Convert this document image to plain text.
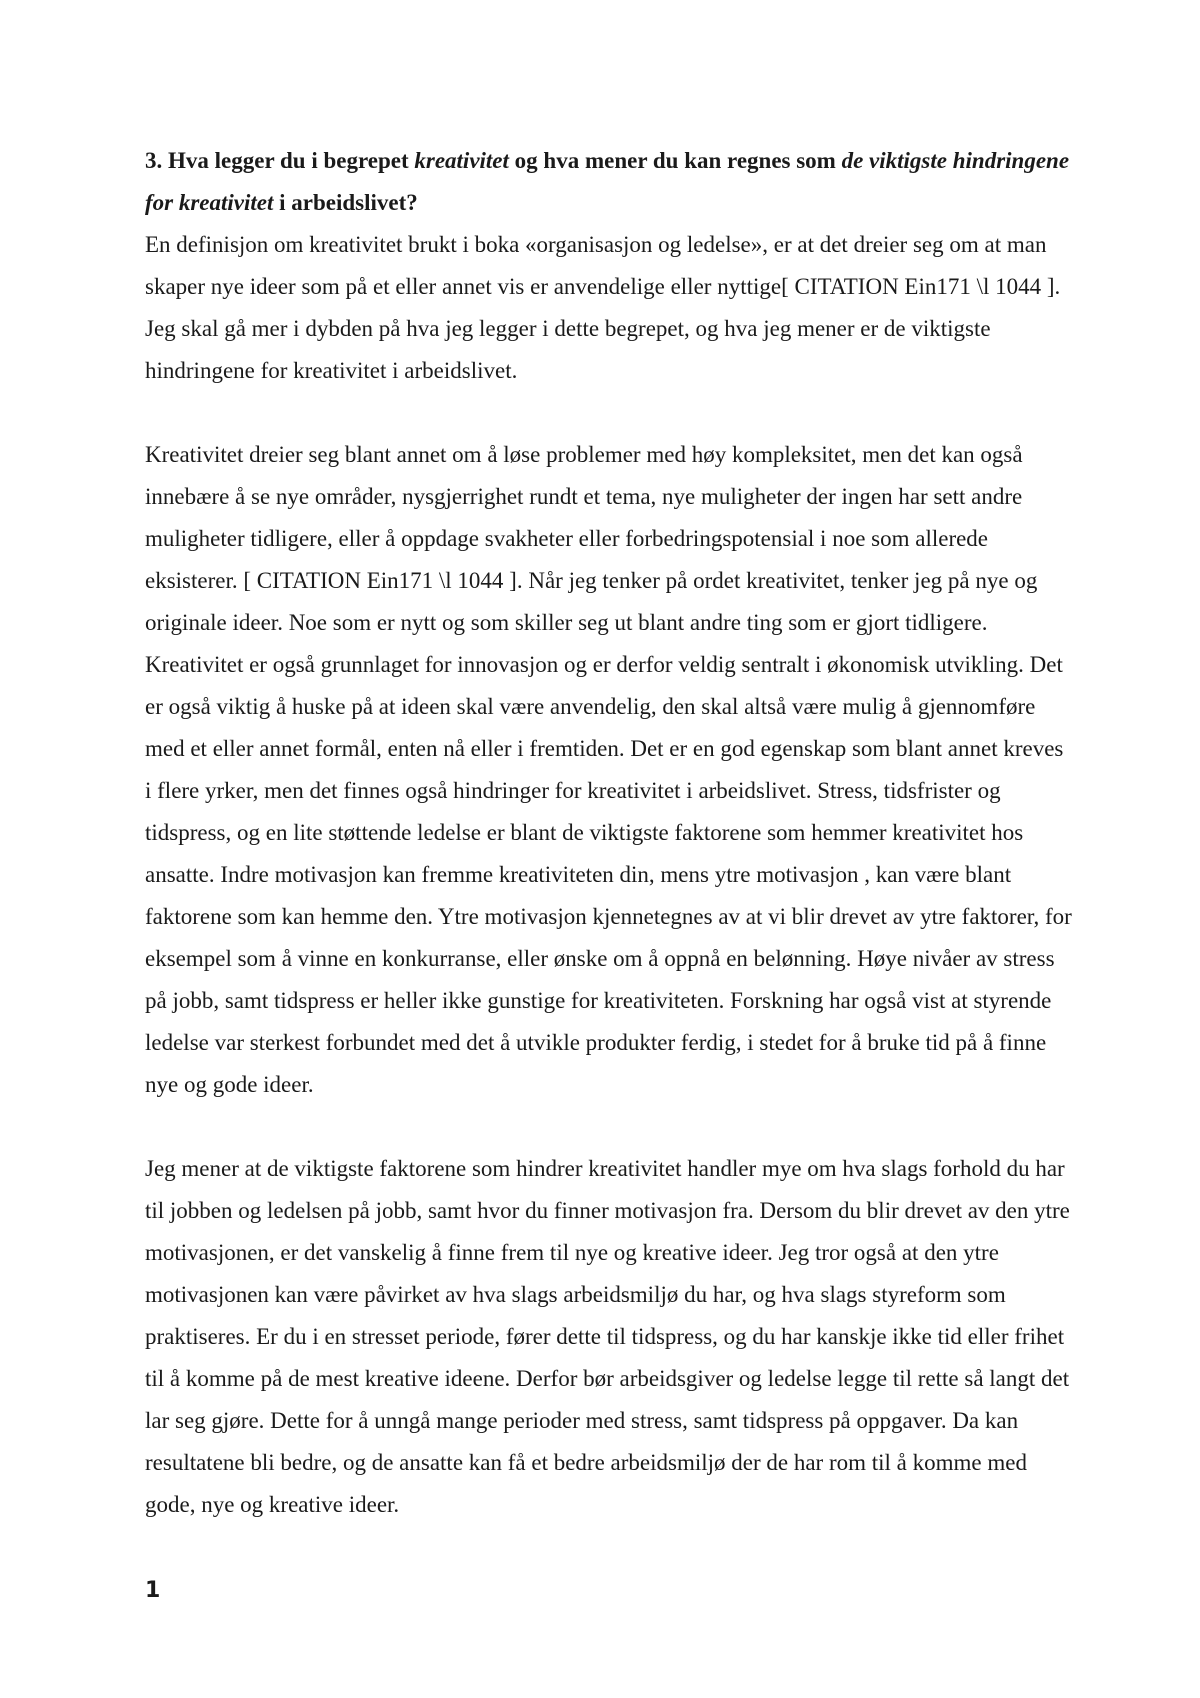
3. Hva legger du i begrepet kreativitet og hva mener du kan regnes som de viktigste hindringene for kreativitet i arbeidslivet?

En definisjon om kreativitet brukt i boka «organisasjon og ledelse», er at det dreier seg om at man skaper nye ideer som på et eller annet vis er anvendelige eller nyttige[ CITATION Ein171 \l 1044 ]. Jeg skal gå mer i dybden på hva jeg legger i dette begrepet, og hva jeg mener er de viktigste hindringene for kreativitet i arbeidslivet.

Kreativitet dreier seg blant annet om å løse problemer med høy kompleksitet, men det kan også innebære å se nye områder, nysgjerrighet rundt et tema, nye muligheter der ingen har sett andre muligheter tidligere, eller å oppdage svakheter eller forbedringspotensial i noe som allerede eksisterer. [ CITATION Ein171 \l 1044 ]. Når jeg tenker på ordet kreativitet, tenker jeg på nye og originale ideer. Noe som er nytt og som skiller seg ut blant andre ting som er gjort tidligere. Kreativitet er også grunnlaget for innovasjon og er derfor veldig sentralt i økonomisk utvikling. Det er også viktig å huske på at ideen skal være anvendelig, den skal altså være mulig å gjennomføre med et eller annet formål, enten nå eller i fremtiden. Det er en god egenskap som blant annet kreves i flere yrker, men det finnes også hindringer for kreativitet i arbeidslivet. Stress, tidsfrister og tidspress, og en lite støttende ledelse er blant de viktigste faktorene som hemmer kreativitet hos ansatte. Indre motivasjon kan fremme kreativiteten din, mens ytre motivasjon , kan være blant faktorene som kan hemme den. Ytre motivasjon kjennetegnes av at vi blir drevet av ytre faktorer, for eksempel som å vinne en konkurranse, eller ønske om å oppnå en belønning. Høye nivåer av stress på jobb, samt tidspress er heller ikke gunstige for kreativiteten. Forskning har også vist at styrende ledelse var sterkest forbundet med det å utvikle produkter ferdig, i stedet for å bruke tid på å finne nye og gode ideer.

Jeg mener at de viktigste faktorene som hindrer kreativitet handler mye om hva slags forhold du har til jobben og ledelsen på jobb, samt hvor du finner motivasjon fra. Dersom du blir drevet av den ytre motivasjonen, er det vanskelig å finne frem til nye og kreative ideer. Jeg tror også at den ytre motivasjonen kan være påvirket av hva slags arbeidsmiljø du har, og hva slags styreform som praktiseres. Er du i en stresset periode, fører dette til tidspress, og du har kanskje ikke tid eller frihet til å komme på de mest kreative ideene. Derfor bør arbeidsgiver og ledelse legge til rette så langt det lar seg gjøre. Dette for å unngå mange perioder med stress, samt tidspress på oppgaver. Da kan resultatene bli bedre, og de ansatte kan få et bedre arbeidsmiljø der de har rom til å komme med gode, nye og kreative ideer.

1
